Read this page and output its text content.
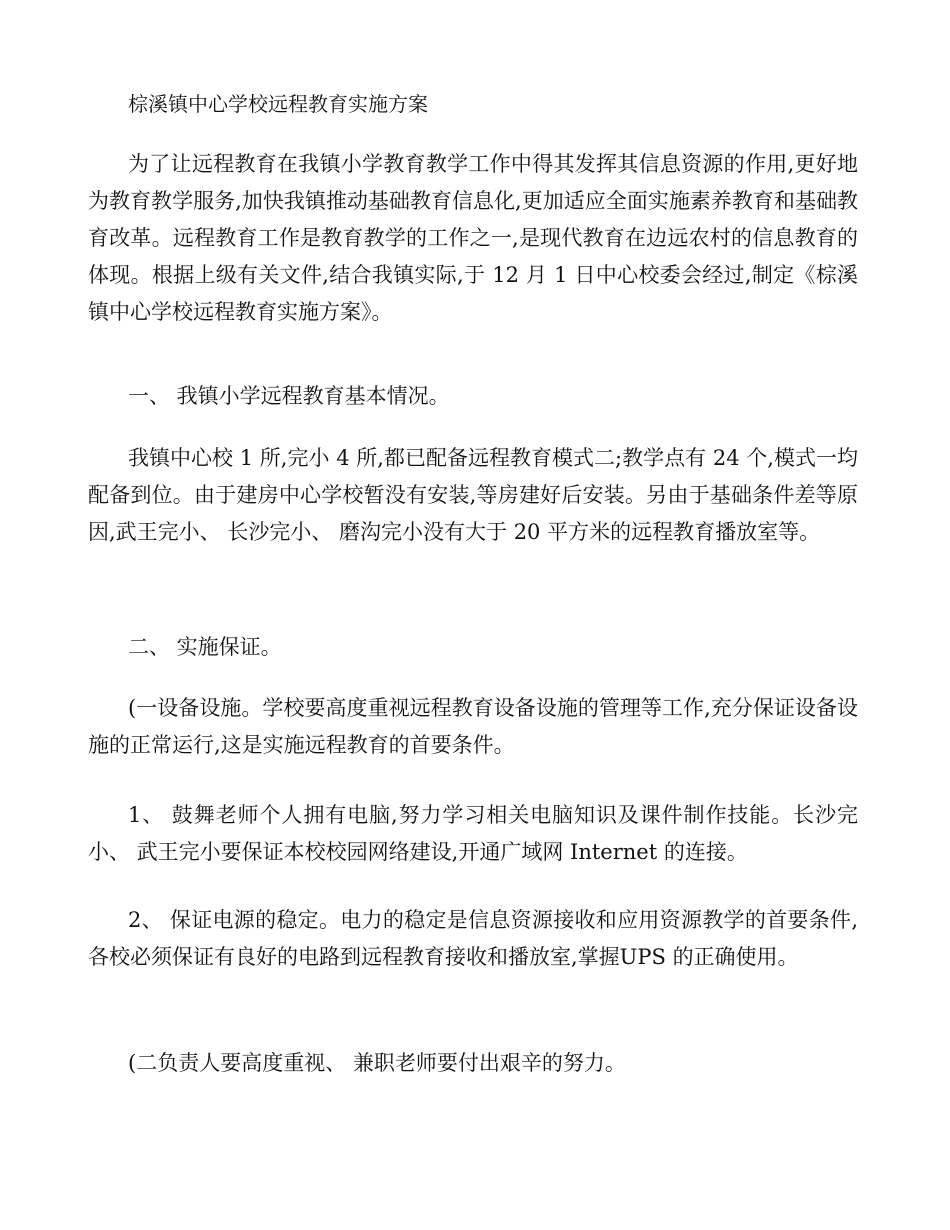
棕溪镇中心学校远程教育实施方案

为了让远程教育在我镇小学教育教学工作中得其发挥其信息资源的作用,更好地为教育教学服务,加快我镇推动基础教育信息化,更加适应全面实施素养教育和基础教育改革。远程教育工作是教育教学的工作之一,是现代教育在边远农村的信息教育的体现。根据上级有关文件,结合我镇实际,于 12 月 1 日中心校委会经过,制定《棕溪镇中心学校远程教育实施方案》。

一、 我镇小学远程教育基本情况。

我镇中心校 1 所,完小 4 所,都已配备远程教育模式二;教学点有 24 个,模式一均配备到位。由于建房中心学校暂没有安装,等房建好后安装。另由于基础条件差等原因,武王完小、 长沙完小、 磨沟完小没有大于 20 平方米的远程教育播放室等。

二、 实施保证。

(一设备设施。学校要高度重视远程教育设备设施的管理等工作,充分保证设备设施的正常运行,这是实施远程教育的首要条件。

1、 鼓舞老师个人拥有电脑,努力学习相关电脑知识及课件制作技能。长沙完小、 武王完小要保证本校校园网络建设,开通广域网 Internet 的连接。

2、 保证电源的稳定。电力的稳定是信息资源接收和应用资源教学的首要条件,各校必须保证有良好的电路到远程教育接收和播放室,掌握UPS 的正确使用。

(二负责人要高度重视、 兼职老师要付出艰辛的努力。
